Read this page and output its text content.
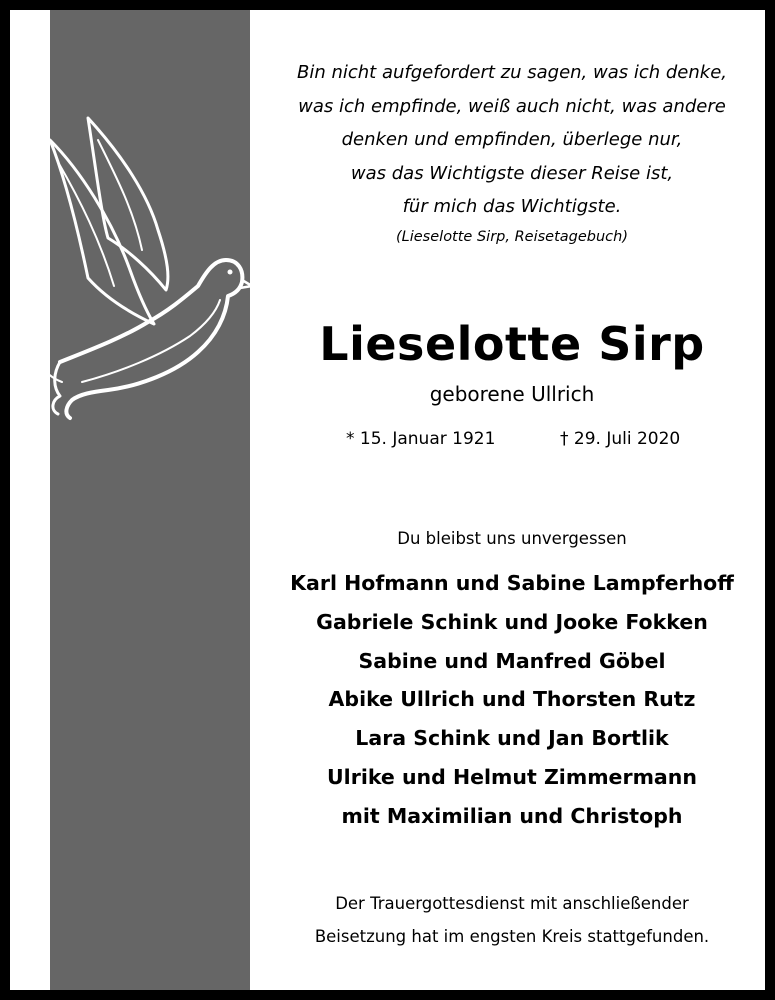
Bin nicht aufgefordert zu sagen, was ich denke,
was ich empfinde, weiß auch nicht, was andere
denken und empfinden, überlege nur,
was das Wichtigste dieser Reise ist,
für mich das Wichtigste.
(Lieselotte Sirp, Reisetagebuch)
Lieselotte Sirp
geborene Ullrich
* 15. Januar 1921	† 29. Juli 2020
Du bleibst uns unvergessen
Karl Hofmann und Sabine Lampferhoff
Gabriele Schink und Jooke Fokken
Sabine und Manfred Göbel
Abike Ullrich und Thorsten Rutz
Lara Schink und Jan Bortlik
Ulrike und Helmut Zimmermann
mit Maximilian und Christoph
Der Trauergottesdienst mit anschließender
Beisetzung hat im engsten Kreis stattgefunden.
